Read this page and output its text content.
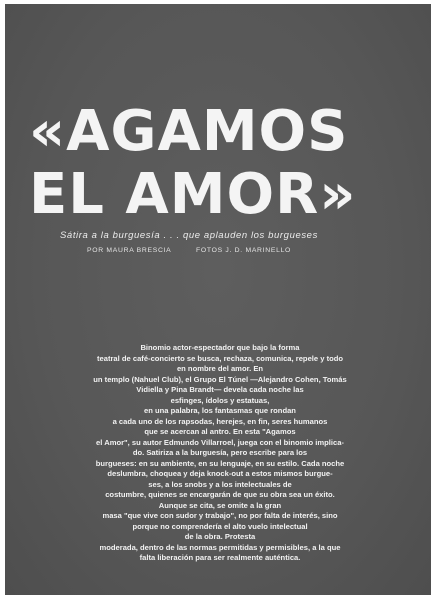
«AGAMOS
EL AMOR»

Sátira a la burguesía . . . que aplauden los burgueses

POR MAURA BRESCIA	FOTOS J. D. MARINELLO
Binomio actor-espectador que bajo la forma
teatral de café-concierto se busca, rechaza, comunica, repele y todo
en nombre del amor. En
un templo (Nahuel Club), el Grupo El Túnel —Alejandro Cohen, Tomás
Vidiella y Pina Brandt— devela cada noche las
esfinges, ídolos y estatuas,
en una palabra, los fantasmas que rondan
a cada uno de los rapsodas, herejes, en fin, seres humanos
que se acercan al antro. En esta "Agamos
el Amor", su autor Edmundo Villarroel, juega con el binomio implica-
do. Satiriza a la burguesía, pero escribe para los
burgueses: en su ambiente, en su lenguaje, en su estilo. Cada noche
deslumbra, choquea y deja knock-out a estos mismos burgue-
ses, a los snobs y a los intelectuales de
costumbre, quienes se encargarán de que su obra sea un éxito.
Aunque se cita, se omite a la gran
masa "que vive con sudor y trabajo", no por falta de interés, sino
porque no comprendería el alto vuelo intelectual
de la obra. Protesta
moderada, dentro de las normas permitidas y permisibles, a la que
falta liberación para ser realmente auténtica.
